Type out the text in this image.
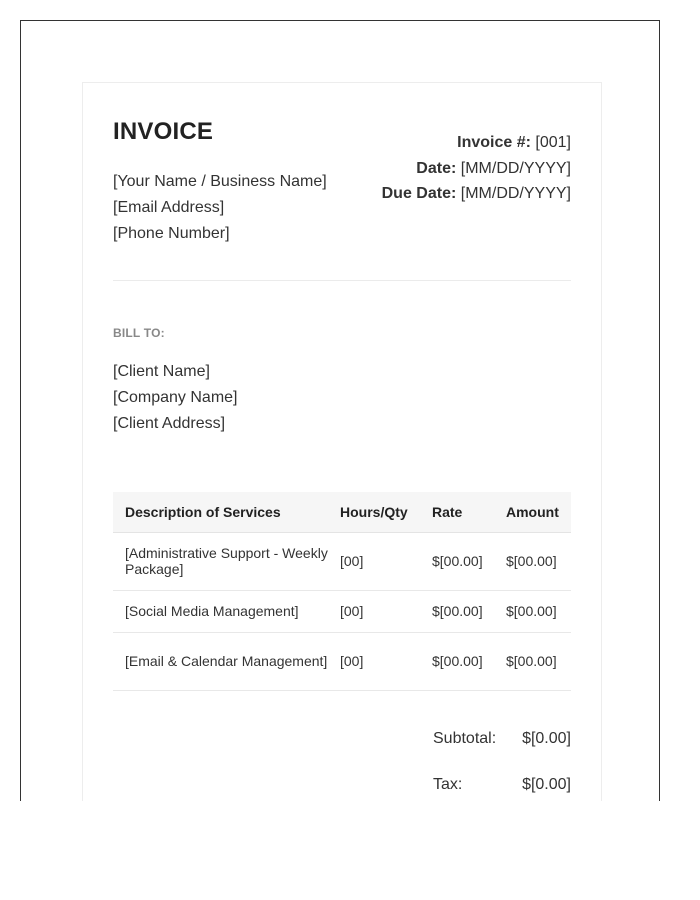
INVOICE
[Your Name / Business Name]
[Email Address]
[Phone Number]
Invoice #: [001]
Date: [MM/DD/YYYY]
Due Date: [MM/DD/YYYY]
BILL TO:
[Client Name]
[Company Name]
[Client Address]
Description of Services	Hours/Qty	Rate	Amount
[Administrative Support - Weekly Package]	[00]	$[00.00]	$[00.00]
[Social Media Management]	[00]	$[00.00]	$[00.00]
[Email & Calendar Management]	[00]	$[00.00]	$[00.00]
Subtotal: $[0.00]
Tax:	$[0.00]
